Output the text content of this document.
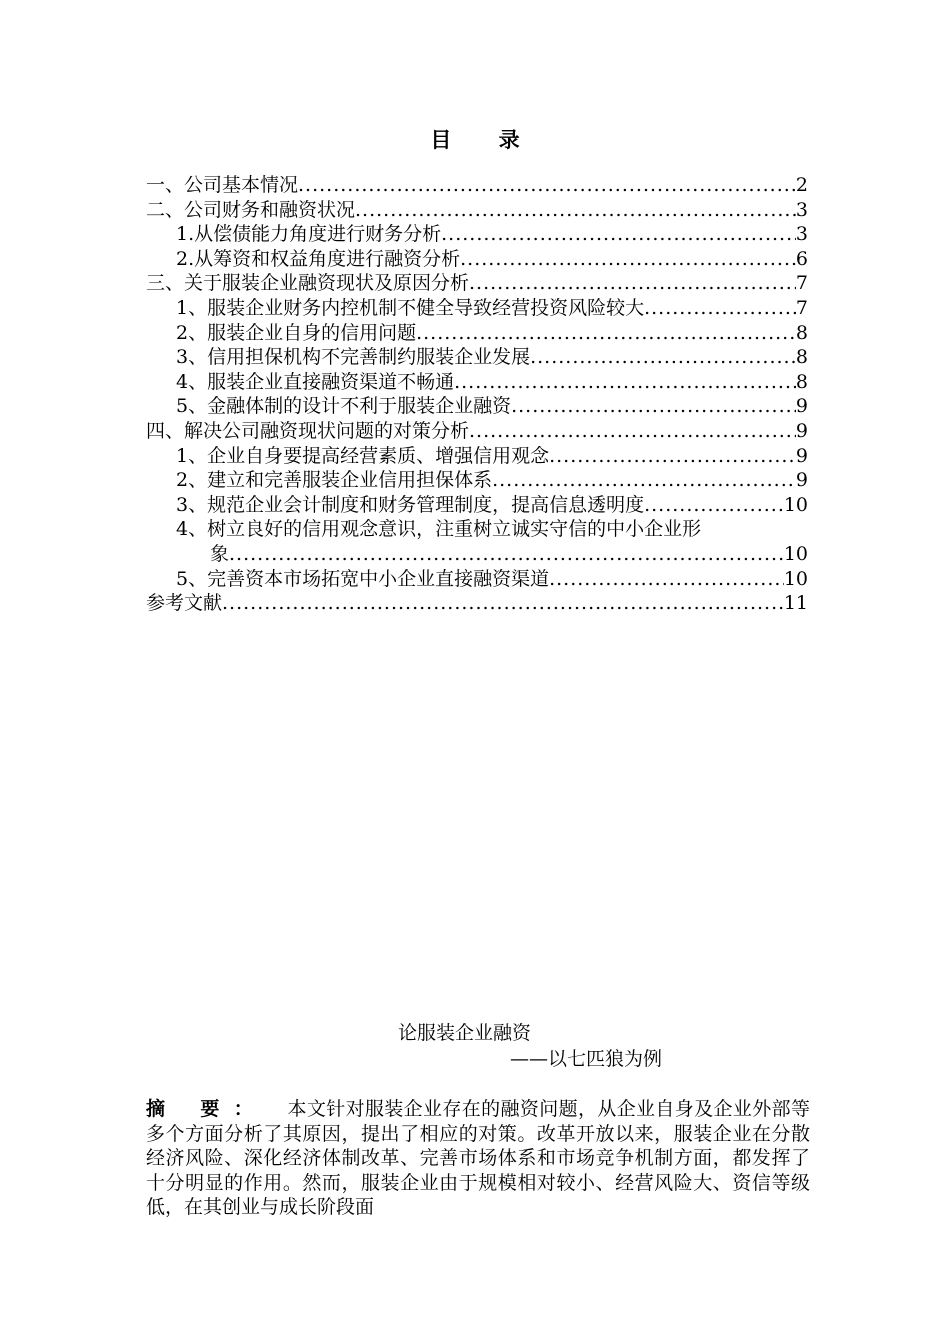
目 录
一、公司基本情况 .....	2
二、公司财务和融资状况 .....	3
1.从偿债能力角度进行财务分析 .....	3
2.从筹资和权益角度进行融资分析 .....	6
三、关于服装企业融资现状及原因分析 .....	7
1、服装企业财务内控机制不健全导致经营投资风险较大 .....	7
2、服装企业自身的信用问题 .....	8
3、信用担保机构不完善制约服装企业发展 .....	8
4、服装企业直接融资渠道不畅通 .....	8
5、金融体制的设计不利于服装企业融资 .....	9
四、解决公司融资现状问题的对策分析 .....	9
1、企业自身要提高经营素质、增强信用观念 .....	9
2、建立和完善服装企业信用担保体系 .....	9
3、规范企业会计制度和财务管理制度，提高信息透明度 .....	10
4、树立良好的信用观念意识，注重树立诚实守信的中小企业形
象 .....	10
5、完善资本市场拓宽中小企业直接融资渠道 .....	10
参考文献 .....	11
论服装企业融资
——以七匹狼为例
摘 要： 本文针对服装企业存在的融资问题，从企业自身及企业外部等多个方面分析了其原因，提出了相应的对策。改革开放以来，服装企业在分散经济风险、深化经济体制改革、完善市场体系和市场竞争机制方面，都发挥了十分明显的作用。然而，服装企业由于规模相对较小、经营风险大、资信等级低，在其创业与成长阶段面
